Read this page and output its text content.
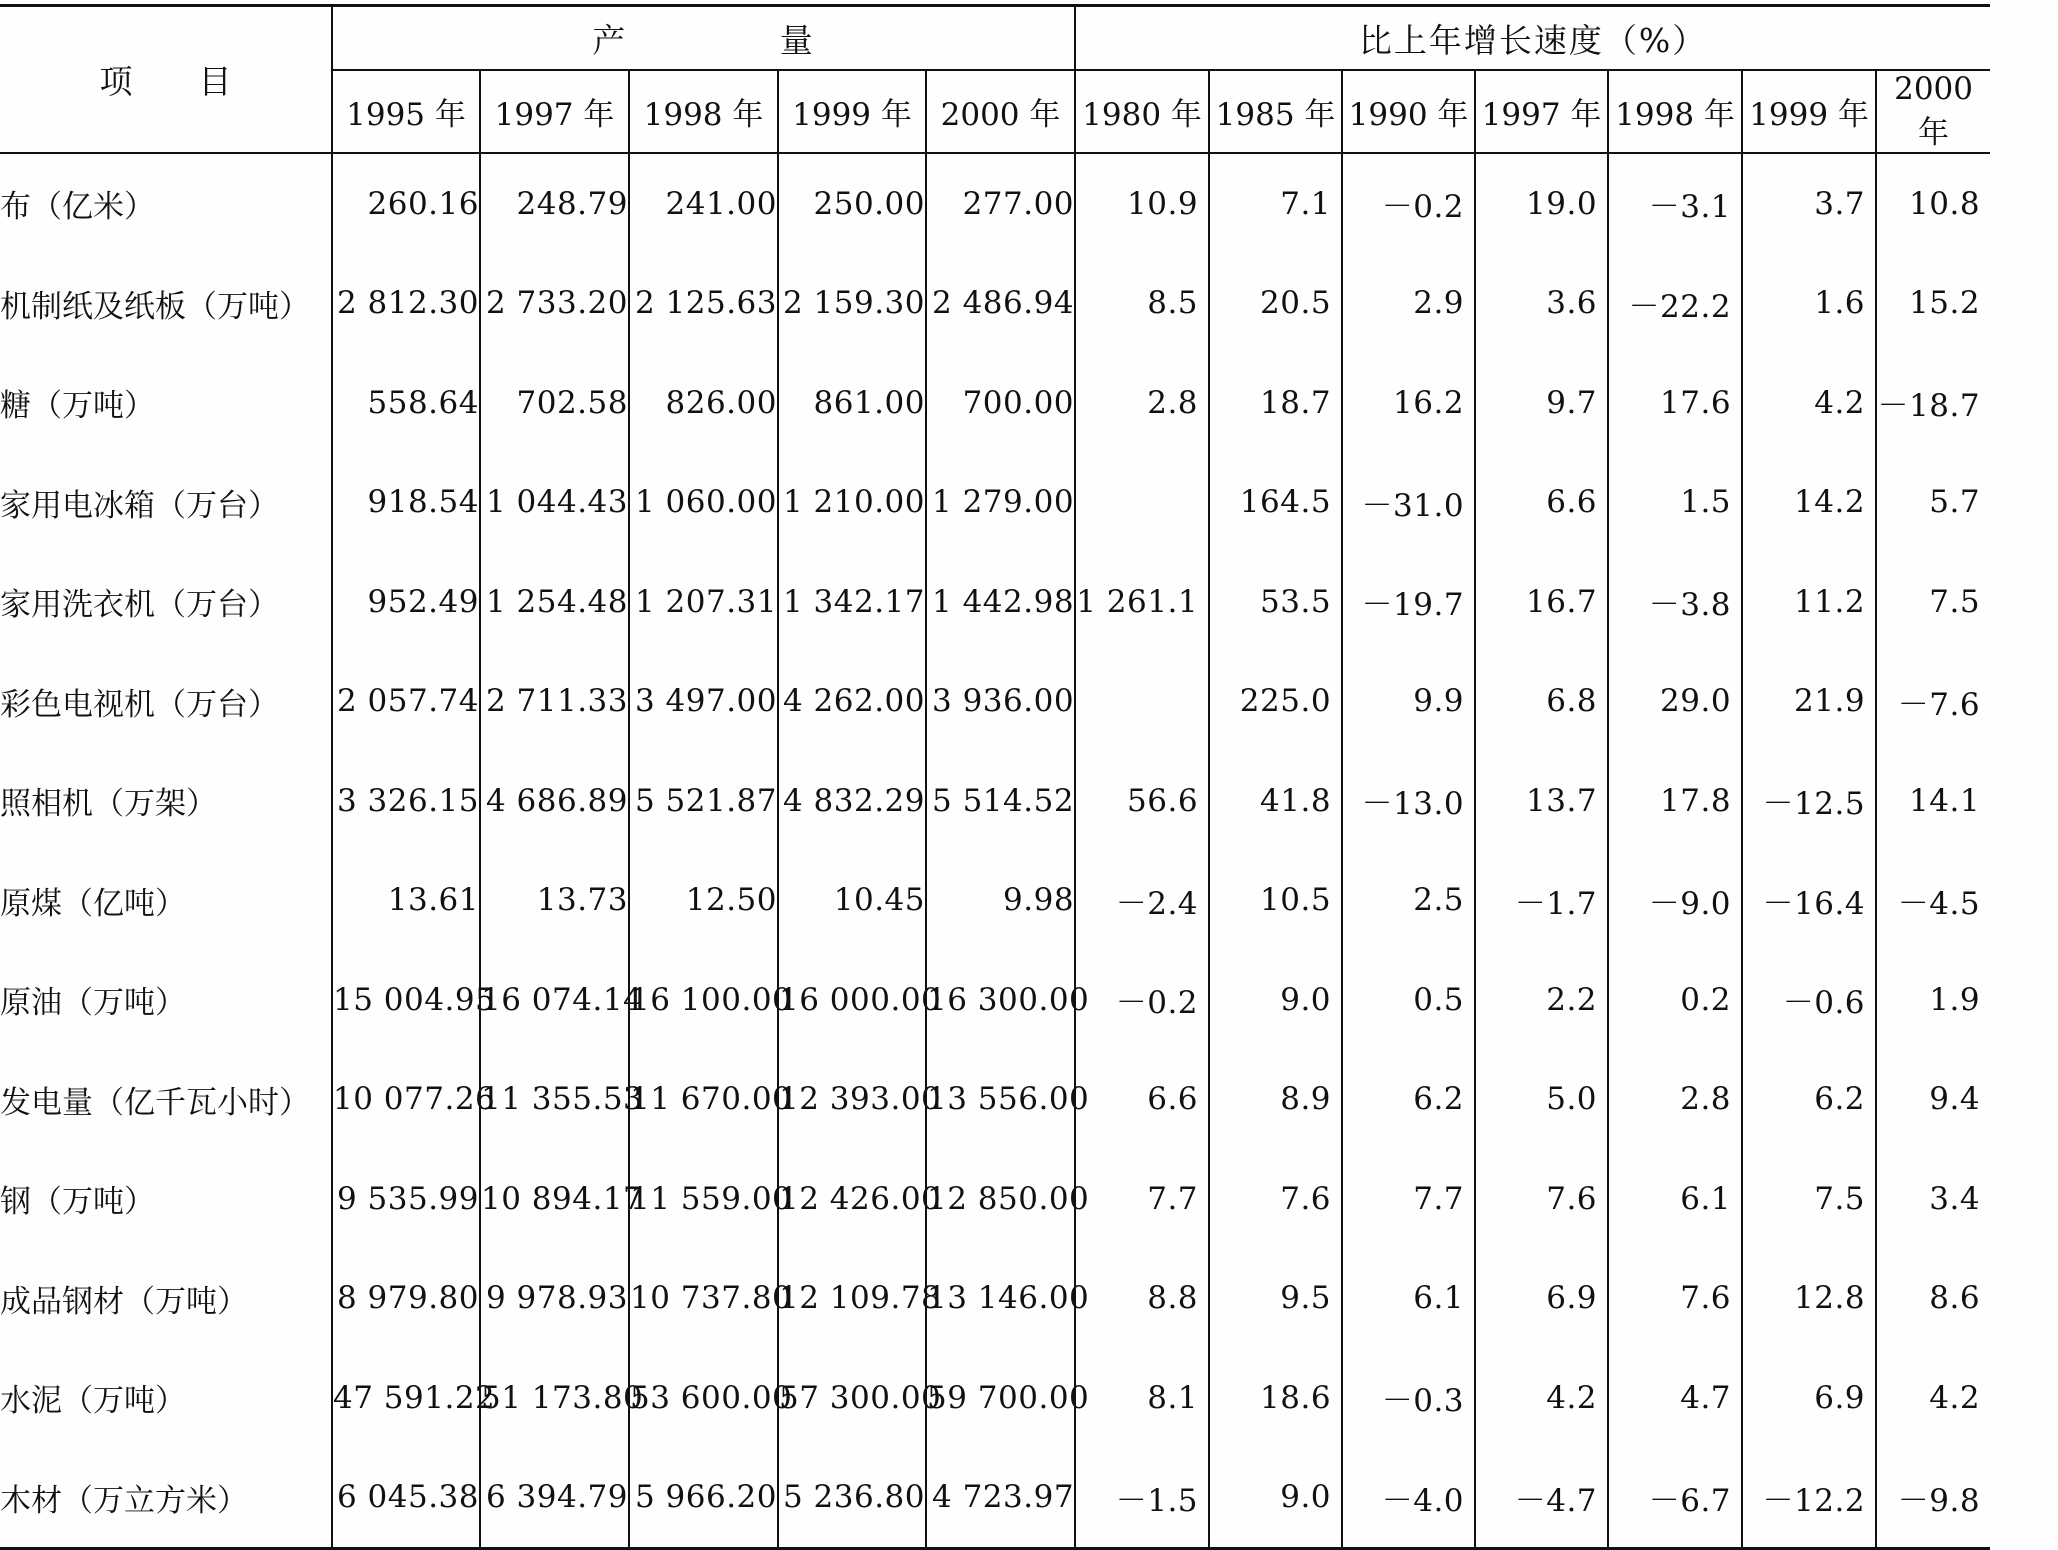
项　　目	产 量					比上年增长速度（%）						
	1995 年	1997 年	1998 年	1999 年	2000 年	1980 年	1985 年	1990 年	1997 年	1998 年	1999 年	2000 年
布（亿米）	260.16	248.79	241.00	250.00	277.00	10.9	7.1	－0.2	19.0	－3.1	3.7	10.8
机制纸及纸板（万吨）	2 812.30	2 733.20	2 125.63	2 159.30	2 486.94	8.5	20.5	2.9	3.6	－22.2	1.6	15.2
糖（万吨）	558.64	702.58	826.00	861.00	700.00	2.8	18.7	16.2	9.7	17.6	4.2	－18.7
家用电冰箱（万台）	918.54	1 044.43	1 060.00	1 210.00	1 279.00		164.5	－31.0	6.6	1.5	14.2	5.7
家用洗衣机（万台）	952.49	1 254.48	1 207.31	1 342.17	1 442.98	1 261.1	53.5	－19.7	16.7	－3.8	11.2	7.5
彩色电视机（万台）	2 057.74	2 711.33	3 497.00	4 262.00	3 936.00		225.0	9.9	6.8	29.0	21.9	－7.6
照相机（万架）	3 326.15	4 686.89	5 521.87	4 832.29	5 514.52	56.6	41.8	－13.0	13.7	17.8	－12.5	14.1
原煤（亿吨）	13.61	13.73	12.50	10.45	9.98	－2.4	10.5	2.5	－1.7	－9.0	－16.4	－4.5
原油（万吨）	15 004.95	16 074.14	16 100.00	16 000.00	16 300.00	－0.2	9.0	0.5	2.2	0.2	－0.6	1.9
发电量（亿千瓦小时）	10 077.26	11 355.53	11 670.00	12 393.00	13 556.00	6.6	8.9	6.2	5.0	2.8	6.2	9.4
钢（万吨）	9 535.99	10 894.17	11 559.00	12 426.00	12 850.00	7.7	7.6	7.7	7.6	6.1	7.5	3.4
成品钢材（万吨）	8 979.80	9 978.93	10 737.80	12 109.78	13 146.00	8.8	9.5	6.1	6.9	7.6	12.8	8.6
水泥（万吨）	47 591.22	51 173.80	53 600.00	57 300.00	59 700.00	8.1	18.6	－0.3	4.2	4.7	6.9	4.2
木材（万立方米）	6 045.38	6 394.79	5 966.20	5 236.80	4 723.97	－1.5	9.0	－4.0	－4.7	－6.7	－12.2	－9.8
